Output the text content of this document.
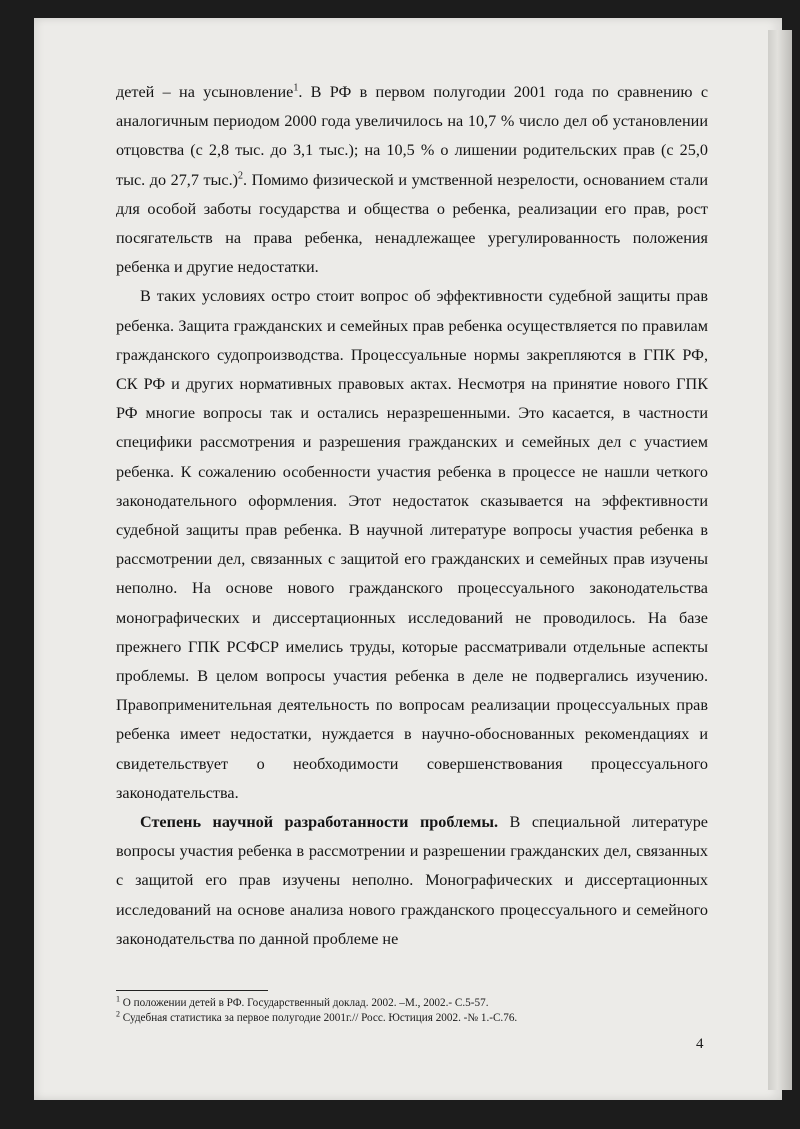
детей – на усыновление$^1$. В РФ в первом полугодии 2001 года по сравнению с аналогичным периодом 2000 года увеличилось на 10,7 % число дел об установлении отцовства (с 2,8 тыс. до 3,1 тыс.); на 10,5 % о лишении родительских прав (с 25,0 тыс. до 27,7 тыс.)$^2$. Помимо физической и умственной незрелости, основанием стали для особой заботы государства и общества о ребенка, реализации его прав, рост посягательств на права ребенка, ненадлежащее урегулированность положения ребенка и другие недостатки.

В таких условиях остро стоит вопрос об эффективности судебной защиты прав ребенка. Защита гражданских и семейных прав ребенка осуществляется по правилам гражданского судопроизводства. Процессуальные нормы закрепляются в ГПК РФ, СК РФ и других нормативных правовых актах. Несмотря на принятие нового ГПК РФ многие вопросы так и остались неразрешенными. Это касается, в частности специфики рассмотрения и разрешения гражданских и семейных дел с участием ребенка. К сожалению особенности участия ребенка в процессе не нашли четкого законодательного оформления. Этот недостаток сказывается на эффективности судебной защиты прав ребенка. В научной литературе вопросы участия ребенка в рассмотрении дел, связанных с защитой его гражданских и семейных прав изучены неполно. На основе нового гражданского процессуального законодательства монографических и диссертационных исследований не проводилось. На базе прежнего ГПК РСФСР имелись труды, которые рассматривали отдельные аспекты проблемы. В целом вопросы участия ребенка в деле не подвергались изучению. Правоприменительная деятельность по вопросам реализации процессуальных прав ребенка имеет недостатки, нуждается в научно-обоснованных рекомендациях и свидетельствует о необходимости совершенствования процессуального законодательства.

Степень научной разработанности проблемы. В специальной литературе вопросы участия ребенка в рассмотрении и разрешении гражданских дел, связанных с защитой его прав изучены неполно. Монографических и диссертационных исследований на основе анализа нового гражданского процессуального и семейного законодательства по данной проблеме не

$^1$ О положении детей в РФ. Государственный доклад. 2002. –М., 2002.- С.5-57.
$^2$ Судебная статистика за первое полугодие 2001г.// Росс. Юстиция 2002. -№ 1.-С.76.
4
